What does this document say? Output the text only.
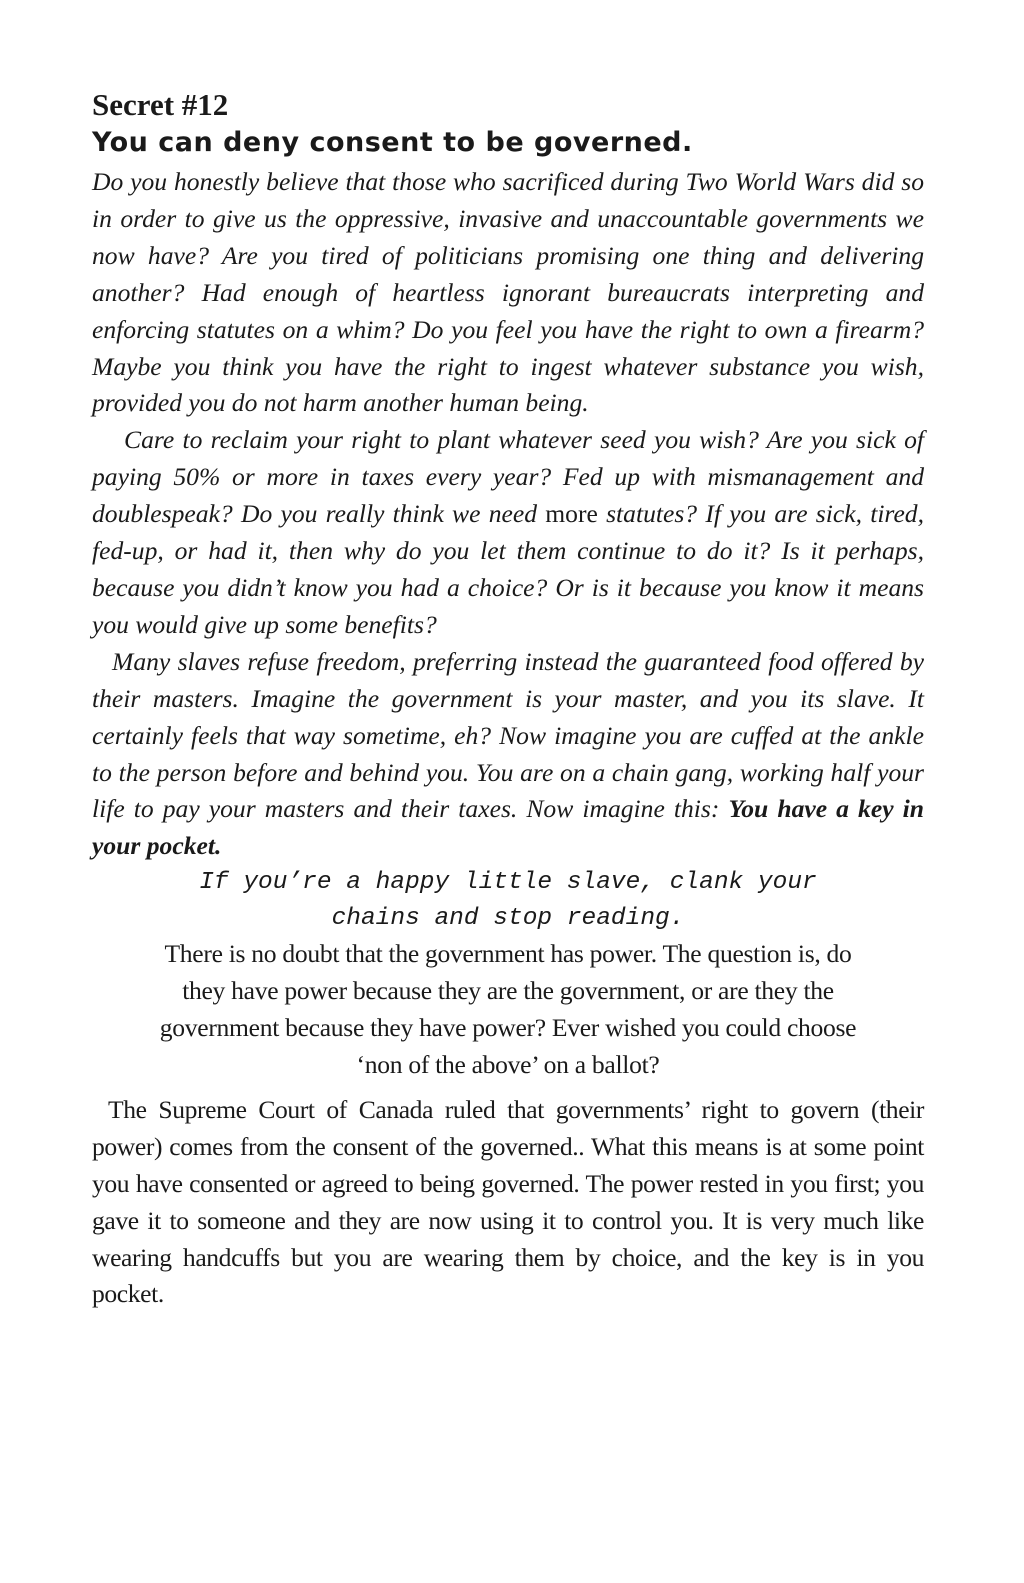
Secret #12
You can deny consent to be governed.

Do you honestly believe that those who sacrificed during Two World Wars did so in order to give us the oppressive, invasive and unaccountable governments we now have? Are you tired of politicians promising one thing and delivering another? Had enough of heartless ignorant bureaucrats interpreting and enforcing statutes on a whim? Do you feel you have the right to own a firearm? Maybe you think you have the right to ingest whatever substance you wish, provided you do not harm another human being.

Care to reclaim your right to plant whatever seed you wish? Are you sick of paying 50% or more in taxes every year? Fed up with mismanagement and doublespeak? Do you really think we need more statutes? If you are sick, tired, fed-up, or had it, then why do you let them continue to do it? Is it perhaps, because you didn’t know you had a choice? Or is it because you know it means you would give up some benefits?

Many slaves refuse freedom, preferring instead the guaranteed food offered by their masters. Imagine the government is your master, and you its slave. It certainly feels that way sometime, eh? Now imagine you are cuffed at the ankle to the person before and behind you. You are on a chain gang, working half your life to pay your masters and their taxes. Now imagine this: You have a key in your pocket.

If you’re a happy little slave, clank your

chains and stop reading.

There is no doubt that the government has power. The question is, do

they have power because they are the government, or are they the

government because they have power? Ever wished you could choose

‘non of the above’ on a ballot?

The Supreme Court of Canada ruled that governments’ right to govern (their power) comes from the consent of the governed.. What this means is at some point you have consented or agreed to being governed. The power rested in you first; you gave it to someone and they are now using it to control you. It is very much like wearing handcuffs but you are wearing them by choice, and the key is in you pocket.
